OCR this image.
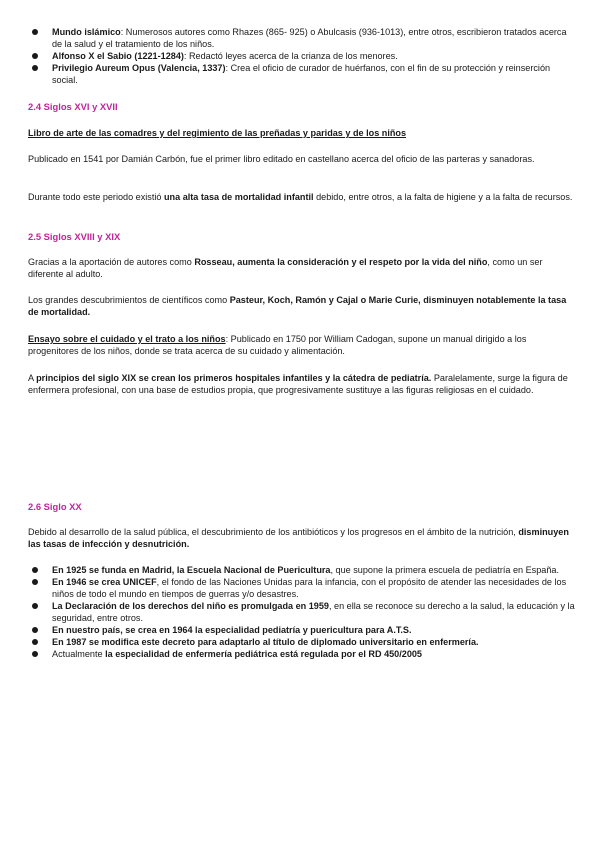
Mundo islámico: Numerosos autores como Rhazes (865- 925) o Abulcasis (936-1013), entre otros, escribieron tratados acerca de la salud y el tratamiento de los niños.
Alfonso X el Sabio (1221-1284): Redactó leyes acerca de la crianza de los menores.
Privilegio Aureum Opus (Valencia, 1337): Crea el oficio de curador de huérfanos, con el fin de su protección y reinserción social.

2.4 Siglos XVI y XVII

Libro de arte de las comadres y del regimiento de las preñadas y paridas y de los niños

Publicado en 1541 por Damián Carbón, fue el primer libro editado en castellano acerca del oficio de las parteras y sanadoras.

Durante todo este periodo existió una alta tasa de mortalidad infantil debido, entre otros, a la falta de higiene y a la falta de recursos.

2.5 Siglos XVIII y XIX

Gracias a la aportación de autores como Rosseau, aumenta la consideración y el respeto por la vida del niño, como un ser diferente al adulto.

Los grandes descubrimientos de científicos como Pasteur, Koch, Ramón y Cajal o Marie Curie, disminuyen notablemente la tasa de mortalidad.

Ensayo sobre el cuidado y el trato a los niños: Publicado en 1750 por William Cadogan, supone un manual dirigido a los progenitores de los niños, donde se trata acerca de su cuidado y alimentación.

A principios del siglo XIX se crean los primeros hospitales infantiles y la cátedra de pediatría. Paralelamente, surge la figura de enfermera profesional, con una base de estudios propia, que progresivamente sustituye a las figuras religiosas en el cuidado.

2.6 Siglo XX

Debido al desarrollo de la salud pública, el descubrimiento de los antibióticos y los progresos en el ámbito de la nutrición, disminuyen las tasas de infección y desnutrición.

En 1925 se funda en Madrid, la Escuela Nacional de Puericultura, que supone la primera escuela de pediatría en España.
En 1946 se crea UNICEF, el fondo de las Naciones Unidas para la infancia, con el propósito de atender las necesidades de los niños de todo el mundo en tiempos de guerras y/o desastres.
La Declaración de los derechos del niño es promulgada en 1959, en ella se reconoce su derecho a la salud, la educación y la seguridad, entre otros.
En nuestro país, se crea en 1964 la especialidad pediatría y puericultura para A.T.S.
En 1987 se modifica este decreto para adaptarlo al título de diplomado universitario en enfermería.
Actualmente la especialidad de enfermería pediátrica está regulada por el RD 450/2005
